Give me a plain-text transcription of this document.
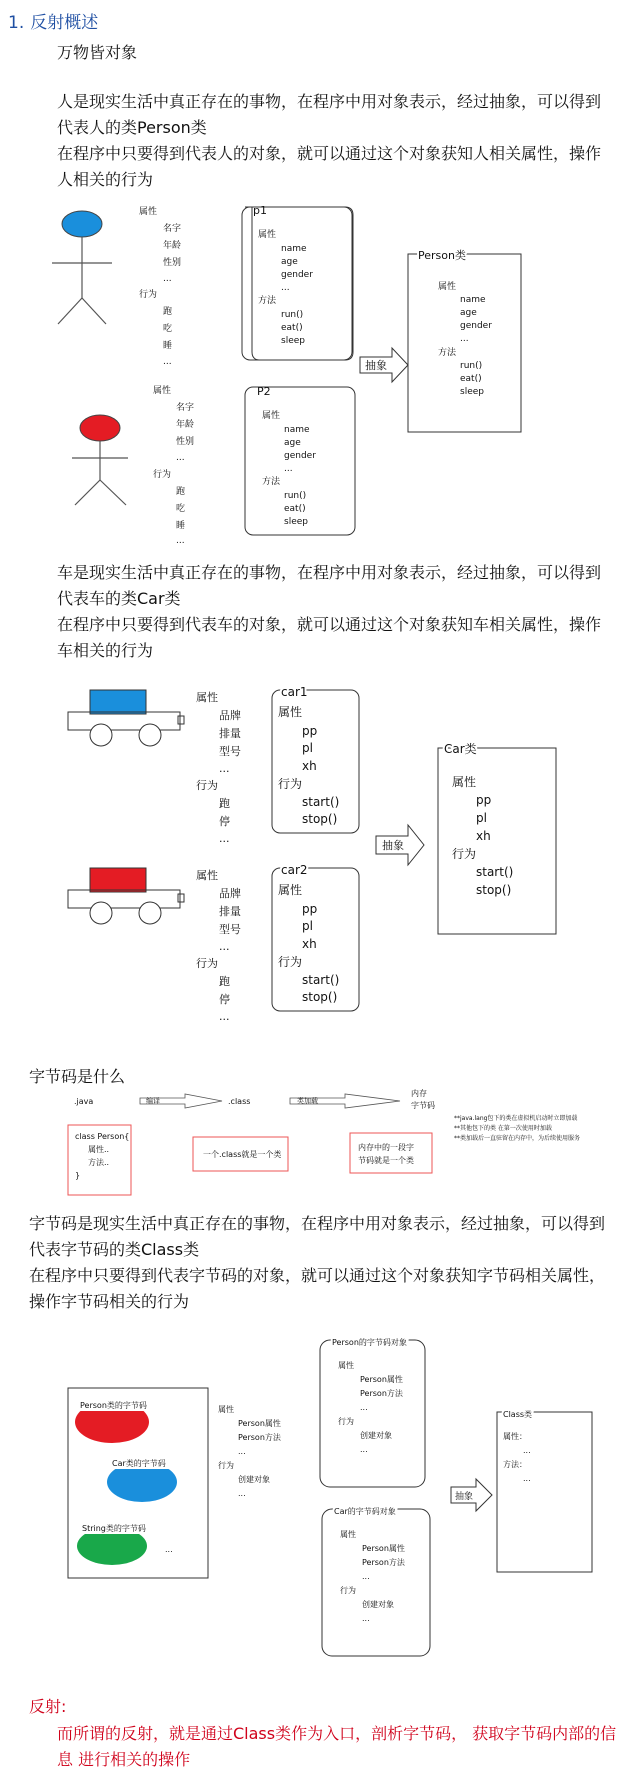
1. 反射概述
万物皆对象
人是现实生活中真正存在的事物，在程序中用对象表示，经过抽象，可以得到
代表人的类Person类
在程序中只要得到代表人的对象，就可以通过这个对象获知人相关属性，操作
人相关的行为
属性
名字
年龄
性别
...
行为
跑
吃
睡
...
属性
名字
年龄
性别
...
行为
跑
吃
睡
...
p1
属性
name
age
gender
...
方法
run()
eat()
sleep
P2
属性
name
age
gender
...
方法
run()
eat()
sleep
抽象
Person类
属性
name
age
gender
...
方法
run()
eat()
sleep
车是现实生活中真正存在的事物，在程序中用对象表示，经过抽象，可以得到
代表车的类Car类
在程序中只要得到代表车的对象，就可以通过这个对象获知车相关属性，操作
车相关的行为
属性
品牌
排量
型号
...
行为
跑
停
...
属性
品牌
排量
型号
...
行为
跑
停
...
car1
属性
pp
pl
xh
行为
start()
stop()
car2
属性
pp
pl
xh
行为
start()
stop()
抽象
Car类
属性
pp
pl
xh
行为
start()
stop()
字节码是什么
.java	.class
内存
字节码
编译	类加载
class Person{
属性..
方法..
}
一个.class就是一个类
内存中的一段字
节码就是一个类
**java.lang包下的类在虚拟机启动时立即加载
**其他包下的类 在第一次使用时加载
**类加载后一直驻留在内存中，为后续使用服务
字节码是现实生活中真正存在的事物，在程序中用对象表示，经过抽象，可以得到
代表字节码的类Class类
在程序中只要得到代表字节码的对象，就可以通过这个对象获知字节码相关属性，
操作字节码相关的行为
Person类的字节码
Car类的字节码
String类的字节码
...
属性
Person属性
Person方法
...
行为
创建对象
...
Person的字节码对象
属性
Person属性
Person方法
...
行为
创建对象
...
Car的字节码对象
属性
Person属性
Person方法
...
行为
创建对象
...
抽象
Class类
属性：
...
方法：
...
反射:
而所谓的反射，就是通过Class类作为入口，剖析字节码， 获取字节码内部的信
息 进行相关的操作
